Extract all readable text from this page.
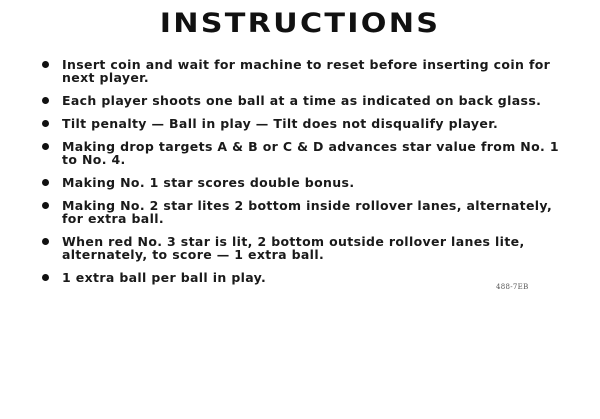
INSTRUCTIONS
Insert coin and wait for machine to reset before inserting coin for next player.
Each player shoots one ball at a time as indicated on back glass.
Tilt penalty — Ball in play — Tilt does not disqualify player.
Making drop targets A & B or C & D advances star value from No. 1 to No. 4.
Making No. 1 star scores double bonus.
Making No. 2 star lites 2 bottom inside rollover lanes, alternately, for extra ball.
When red No. 3 star is lit, 2 bottom outside rollover lanes lite, alternately, to score — 1 extra ball.
1 extra ball per ball in play.
488-7EB
